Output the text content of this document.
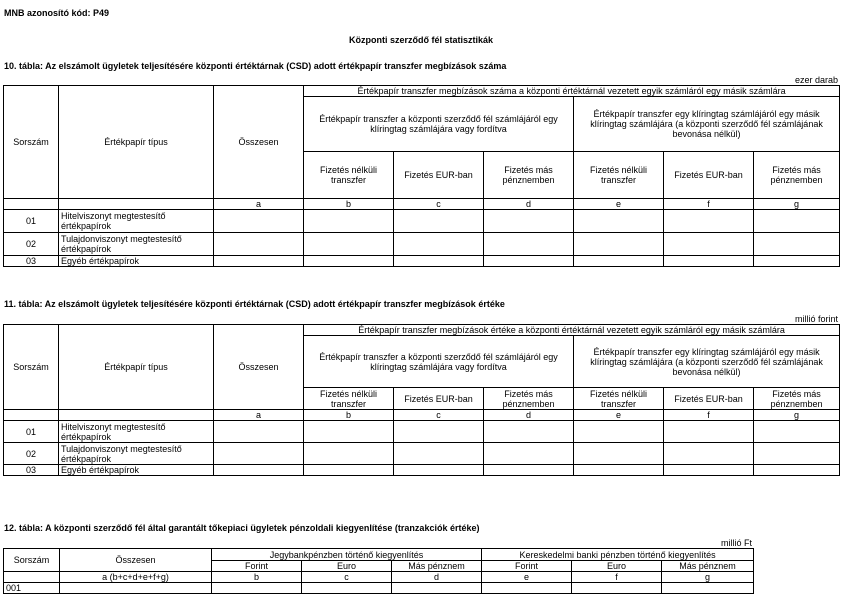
MNB azonosító kód: P49
Központi szerződő fél statisztikák
10. tábla: Az elszámolt ügyletek teljesítésére központi értéktárnak (CSD) adott értékpapír transzfer megbízások száma
ezer darab
Sorszám	Értékpapír típus	Összesen	Értékpapír transzfer megbízások száma a központi értéktárnál vezetett egyik számláról egy másik számlára					
			Értékpapír transzfer a központi szerződő fél számlájáról egy klíringtag számlájára vagy fordítva			Értékpapír transzfer egy klíringtag számlájáról egy másik klíringtag számlájára (a központi szerződő fél számlájának bevonása nélkül)		
			Fizetés nélküli transzfer	Fizetés EUR-ban	Fizetés más pénznemben	Fizetés nélküli transzfer	Fizetés EUR-ban	Fizetés más pénznemben
		a	b	c	d	e	f	g
01	Hitelviszonyt megtestesítő értékpapírok							
02	Tulajdonviszonyt megtestesítő értékpapírok							
03	Egyéb értékpapírok							
11. tábla: Az elszámolt ügyletek teljesítésére központi értéktárnak (CSD) adott értékpapír transzfer megbízások értéke
millió forint
Sorszám	Értékpapír típus	Összesen	Értékpapír transzfer megbízások értéke a központi értéktárnál vezetett egyik számláról egy másik számlára					
			Értékpapír transzfer a központi szerződő fél számlájáról egy klíringtag számlájára vagy fordítva			Értékpapír transzfer egy klíringtag számlájáról egy másik klíringtag számlájára (a központi szerződő fél számlájának bevonása nélkül)		
			Fizetés nélküli transzfer	Fizetés EUR-ban	Fizetés más pénznemben	Fizetés nélküli transzfer	Fizetés EUR-ban	Fizetés más pénznemben
		a	b	c	d	e	f	g
01	Hitelviszonyt megtestesítő értékpapírok							
02	Tulajdonviszonyt megtestesítő értékpapírok							
03	Egyéb értékpapírok							
12. tábla: A központi szerződő fél által garantált tőkepiaci ügyletek pénzoldali kiegyenlítése (tranzakciók értéke)
millió Ft
Sorszám	Összesen	Jegybankpénzben történő kiegyenlítés			Kereskedelmi banki pénzben történő kiegyenlítés		
		Forint	Euro	Más pénznem	Forint	Euro	Más pénznem
	a (b+c+d+e+f+g)	b	c	d	e	f	g
001							
